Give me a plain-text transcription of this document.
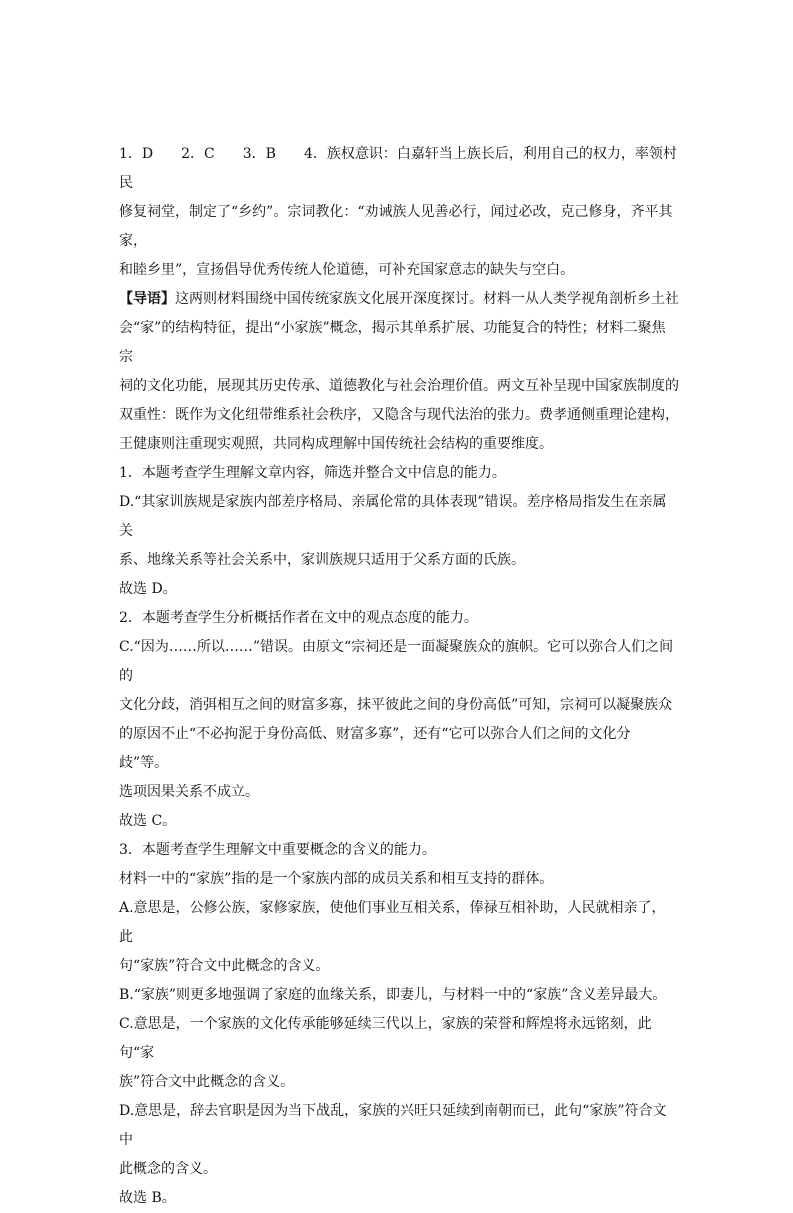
1．D 2．C 3．B 4．族权意识：白嘉轩当上族长后，利用自己的权力，率领村民

修复祠堂，制定了“乡约”。宗词教化：“劝诫族人见善必行，闻过必改，克己修身，齐平其家，

和睦乡里”，宣扬倡导优秀传统人伦道德，可补充国家意志的缺失与空白。

【导语】这两则材料围绕中国传统家族文化展开深度探讨。材料一从人类学视角剖析乡土社

会“家”的结构特征，提出“小家族”概念，揭示其单系扩展、功能复合的特性；材料二聚焦宗

祠的文化功能，展现其历史传承、道德教化与社会治理价值。两文互补呈现中国家族制度的

双重性：既作为文化纽带维系社会秩序，又隐含与现代法治的张力。费孝通侧重理论建构，

王健康则注重现实观照，共同构成理解中国传统社会结构的重要维度。

1．本题考查学生理解文章内容，筛选并整合文中信息的能力。

D.“其家训族规是家族内部差序格局、亲属伦常的具体表现”错误。差序格局指发生在亲属关

系、地缘关系等社会关系中，家训族规只适用于父系方面的氏族。

故选 D。

2．本题考查学生分析概括作者在文中的观点态度的能力。

C.“因为……所以……”错误。由原文“宗祠还是一面凝聚族众的旗帜。它可以弥合人们之间的

文化分歧，消弭相互之间的财富多寡，抹平彼此之间的身份高低”可知，宗祠可以凝聚族众

的原因不止“不必拘泥于身份高低、财富多寡”，还有“它可以弥合人们之间的文化分歧”等。

选项因果关系不成立。

故选 C。

3．本题考查学生理解文中重要概念的含义的能力。

材料一中的“家族”指的是一个家族内部的成员关系和相互支持的群体。

A.意思是，公修公族，家修家族，使他们事业互相关系，俸禄互相补助，人民就相亲了，此

句“家族”符合文中此概念的含义。

B.“家族”则更多地强调了家庭的血缘关系，即妻儿，与材料一中的“家族”含义差异最大。

C.意思是，一个家族的文化传承能够延续三代以上，家族的荣誉和辉煌将永远铭刻，此句“家

族”符合文中此概念的含义。

D.意思是，辞去官职是因为当下战乱，家族的兴旺只延续到南朝而已，此句“家族”符合文中

此概念的含义。

故选 B。
